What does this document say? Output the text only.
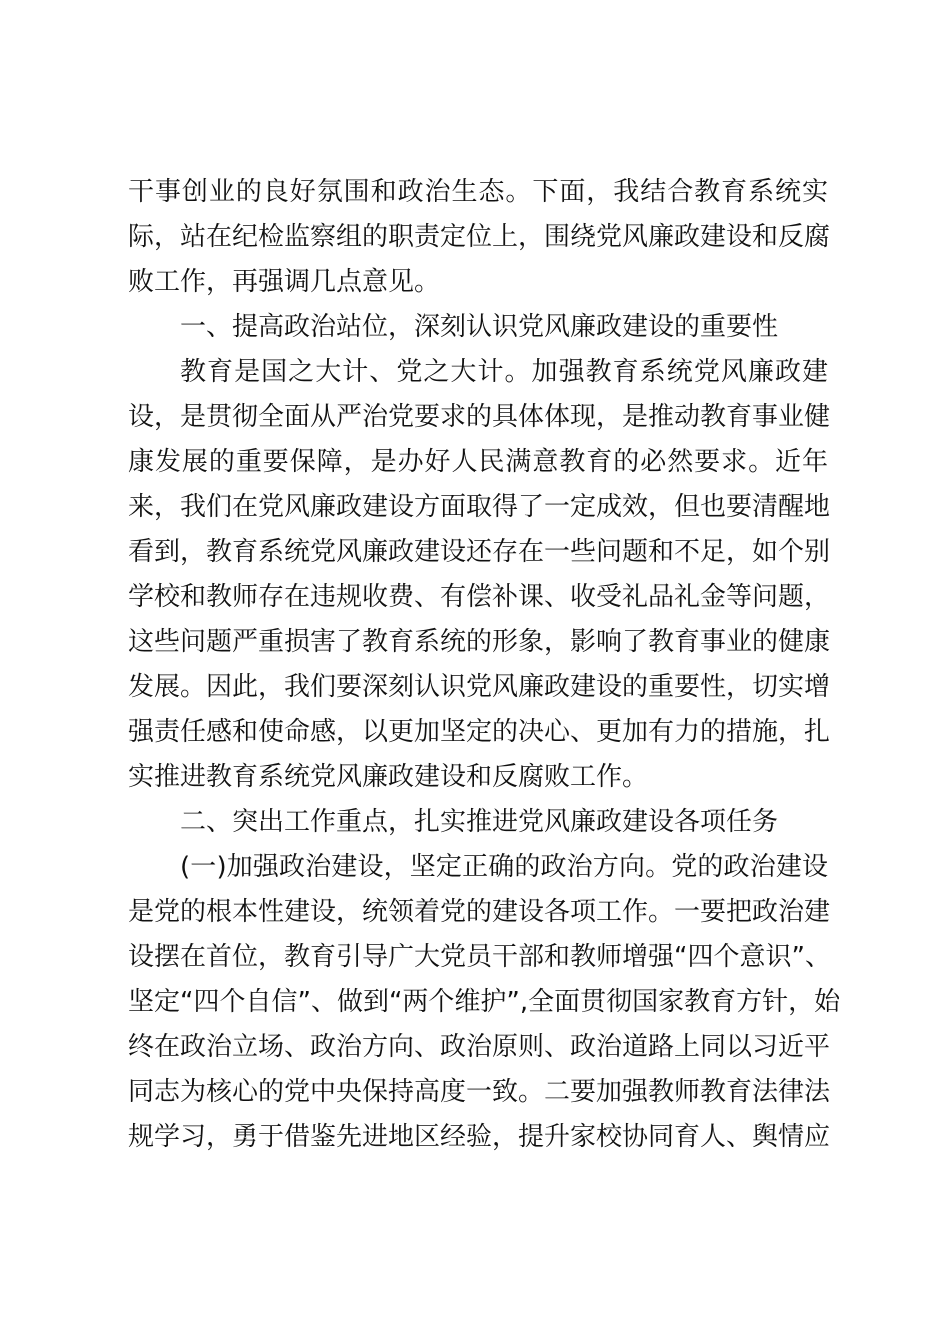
干事创业的良好氛围和政治生态。下面，我结合教育系统实
际，站在纪检监察组的职责定位上，围绕党风廉政建设和反腐
败工作，再强调几点意见。
一、提高政治站位，深刻认识党风廉政建设的重要性
教育是国之大计、党之大计。加强教育系统党风廉政建
设，是贯彻全面从严治党要求的具体体现，是推动教育事业健
康发展的重要保障，是办好人民满意教育的必然要求。近年
来，我们在党风廉政建设方面取得了一定成效，但也要清醒地
看到，教育系统党风廉政建设还存在一些问题和不足，如个别
学校和教师存在违规收费、有偿补课、收受礼品礼金等问题，
这些问题严重损害了教育系统的形象，影响了教育事业的健康
发展。因此，我们要深刻认识党风廉政建设的重要性，切实增
强责任感和使命感，以更加坚定的决心、更加有力的措施，扎
实推进教育系统党风廉政建设和反腐败工作。
二、突出工作重点，扎实推进党风廉政建设各项任务
(一)加强政治建设，坚定正确的政治方向。党的政治建设
是党的根本性建设，统领着党的建设各项工作。一要把政治建
设摆在首位，教育引导广大党员干部和教师增强“四个意识”、
坚定“四个自信”、做到“两个维护”,全面贯彻国家教育方针，始
终在政治立场、政治方向、政治原则、政治道路上同以习近平
同志为核心的党中央保持高度一致。二要加强教师教育法律法
规学习，勇于借鉴先进地区经验，提升家校协同育人、舆情应
